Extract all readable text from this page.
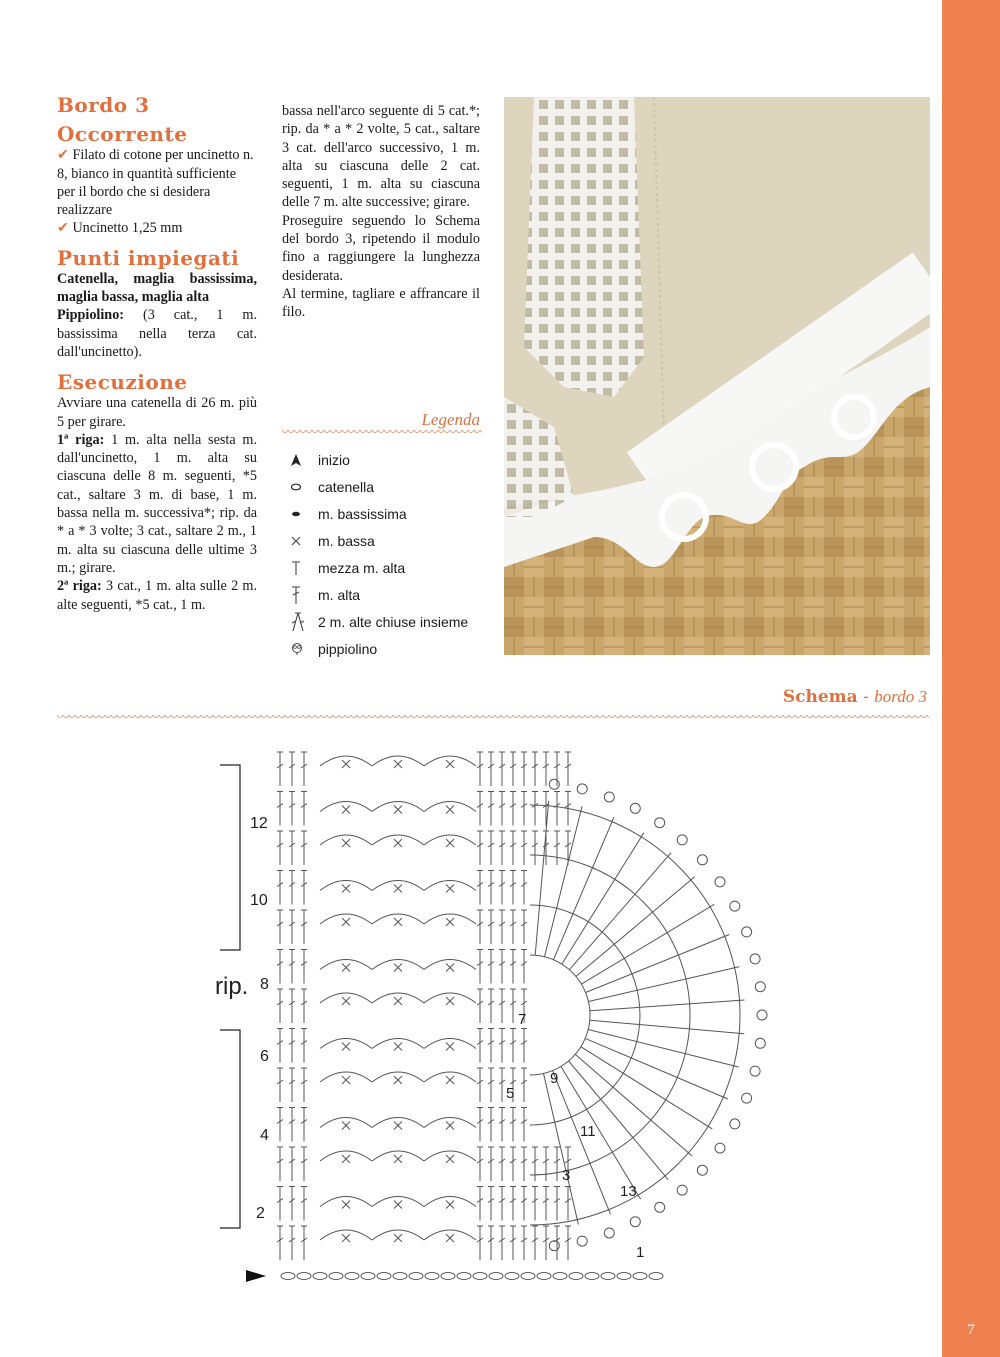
7
Bordo 3
Occorrente

✔ Filato di cotone per uncinetto n. 8, bianco in quantità sufficiente per il bordo che si desidera realizzare

✔ Uncinetto 1,25 mm

Punti impiegati

Catenella, maglia bassissima, maglia bassa, maglia alta

Pippiolino: (3 cat., 1 m. bassissima nella terza cat. dall'uncinetto).

Esecuzione

Avviare una catenella di 26 m. più 5 per girare.

1ª riga: 1 m. alta nella sesta m. dall'uncinetto, 1 m. alta su ciascuna delle 8 m. seguenti, *5 cat., saltare 3 m. di base, 1 m. bassa nella m. successiva*; rip. da * a * 3 volte; 3 cat., saltare 2 m., 1 m. alta su ciascuna delle ultime 3 m.; girare.

2ª riga: 3 cat., 1 m. alta sulle 2 m. alte seguenti, *5 cat., 1 m.

bassa nell'arco seguente di 5 cat.*; rip. da * a * 2 volte, 5 cat., saltare 3 cat. dell'arco successivo, 1 m. alta su ciascuna delle 2 cat. seguenti, 1 m. alta su ciascuna delle 7 m. alte successive; girare.

Proseguire seguendo lo Schema del bordo 3, ripetendo il modulo fino a raggiungere la lunghezza desiderata.

Al termine, tagliare e affrancare il filo.

Legenda
inizio
catenella
m. bassissima
m. bassa
mezza m. alta
m. alta
2 m. alte chiuse insieme
pippiolino
Schema - bordo 3
rip. 8
12
10
6
4
2
7
9
5
11
3
13
1
